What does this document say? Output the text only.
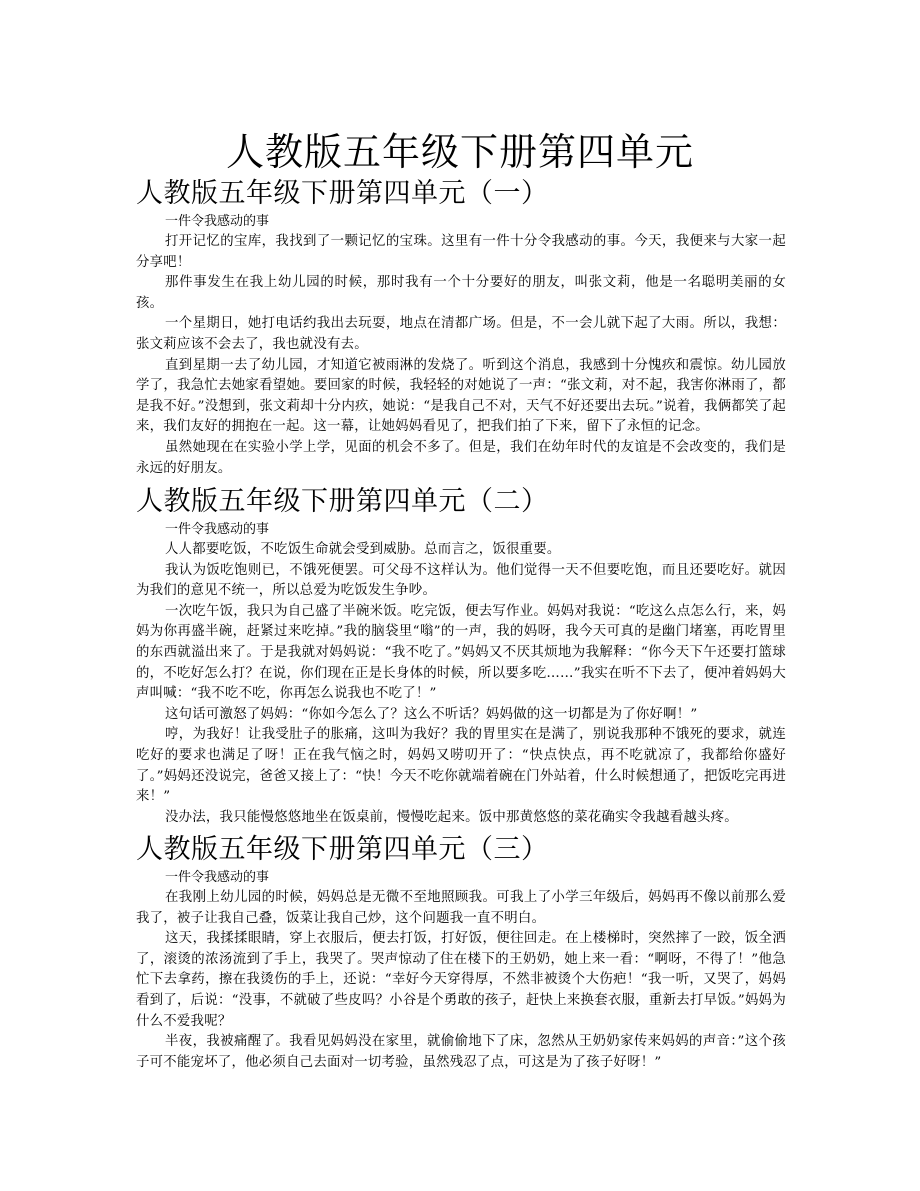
人教版五年级下册第四单元
人教版五年级下册第四单元（一）

一件令我感动的事

打开记忆的宝库，我找到了一颗记忆的宝珠。这里有一件十分令我感动的事。今天，我便来与大家一起分享吧！

那件事发生在我上幼儿园的时候，那时我有一个十分要好的朋友，叫张文莉，他是一名聪明美丽的女孩。

一个星期日，她打电话约我出去玩耍，地点在清都广场。但是，不一会儿就下起了大雨。所以，我想：张文莉应该不会去了，我也就没有去。

直到星期一去了幼儿园，才知道它被雨淋的发烧了。听到这个消息，我感到十分愧疚和震惊。幼儿园放学了，我急忙去她家看望她。要回家的时候，我轻轻的对她说了一声：“张文莉，对不起，我害你淋雨了，都是我不好。”没想到，张文莉却十分内疚，她说：“是我自己不对，天气不好还要出去玩。”说着，我俩都笑了起来，我们友好的拥抱在一起。这一幕，让她妈妈看见了，把我们拍了下来，留下了永恒的记念。

虽然她现在在实验小学上学，见面的机会不多了。但是，我们在幼年时代的友谊是不会改变的，我们是永远的好朋友。

人教版五年级下册第四单元（二）

一件令我感动的事

人人都要吃饭，不吃饭生命就会受到威胁。总而言之，饭很重要。

我认为饭吃饱则已，不饿死便罢。可父母不这样认为。他们觉得一天不但要吃饱，而且还要吃好。就因为我们的意见不统一，所以总爱为吃饭发生争吵。

一次吃午饭，我只为自己盛了半碗米饭。吃完饭，便去写作业。妈妈对我说：“吃这么点怎么行，来，妈妈为你再盛半碗，赶紧过来吃掉。”我的脑袋里“嗡”的一声，我的妈呀，我今天可真的是幽门堵塞，再吃胃里的东西就溢出来了。于是我就对妈妈说：“我不吃了。”妈妈又不厌其烦地为我解释：“你今天下午还要打篮球的，不吃好怎么打？在说，你们现在正是长身体的时候，所以要多吃……”我实在听不下去了，便冲着妈妈大声叫喊：“我不吃不吃，你再怎么说我也不吃了！”

这句话可激怒了妈妈：“你如今怎么了？这么不听话？妈妈做的这一切都是为了你好啊！”

哼，为我好！让我受肚子的胀痛，这叫为我好？我的胃里实在是满了，别说我那种不饿死的要求，就连吃好的要求也满足了呀！正在我气恼之时，妈妈又唠叨开了：“快点快点，再不吃就凉了，我都给你盛好了。”妈妈还没说完，爸爸又接上了：“快！今天不吃你就端着碗在门外站着，什么时候想通了，把饭吃完再进来！”

没办法，我只能慢悠悠地坐在饭桌前，慢慢吃起来。饭中那黄悠悠的菜花确实令我越看越头疼。

人教版五年级下册第四单元（三）

一件令我感动的事

在我刚上幼儿园的时候，妈妈总是无微不至地照顾我。可我上了小学三年级后，妈妈再不像以前那么爱我了，被子让我自己叠，饭菜让我自己炒，这个问题我一直不明白。

这天，我揉揉眼睛，穿上衣服后，便去打饭，打好饭，便往回走。在上楼梯时，突然摔了一跤，饭全洒了，滚烫的浓汤流到了手上，我哭了。哭声惊动了住在楼下的王奶奶，她上来一看：“啊呀，不得了！”他急忙下去拿药，擦在我烫伤的手上，还说：“幸好今天穿得厚，不然非被烫个大伤疤！“我一听，又哭了，妈妈看到了，后说：“没事，不就破了些皮吗？小谷是个勇敢的孩子，赶快上来换套衣服，重新去打早饭。”妈妈为什么不爱我呢？

半夜，我被痛醒了。我看见妈妈没在家里，就偷偷地下了床，忽然从王奶奶家传来妈妈的声音：”这个孩子可不能宠坏了，他必须自己去面对一切考验，虽然残忍了点，可这是为了孩子好呀！”
